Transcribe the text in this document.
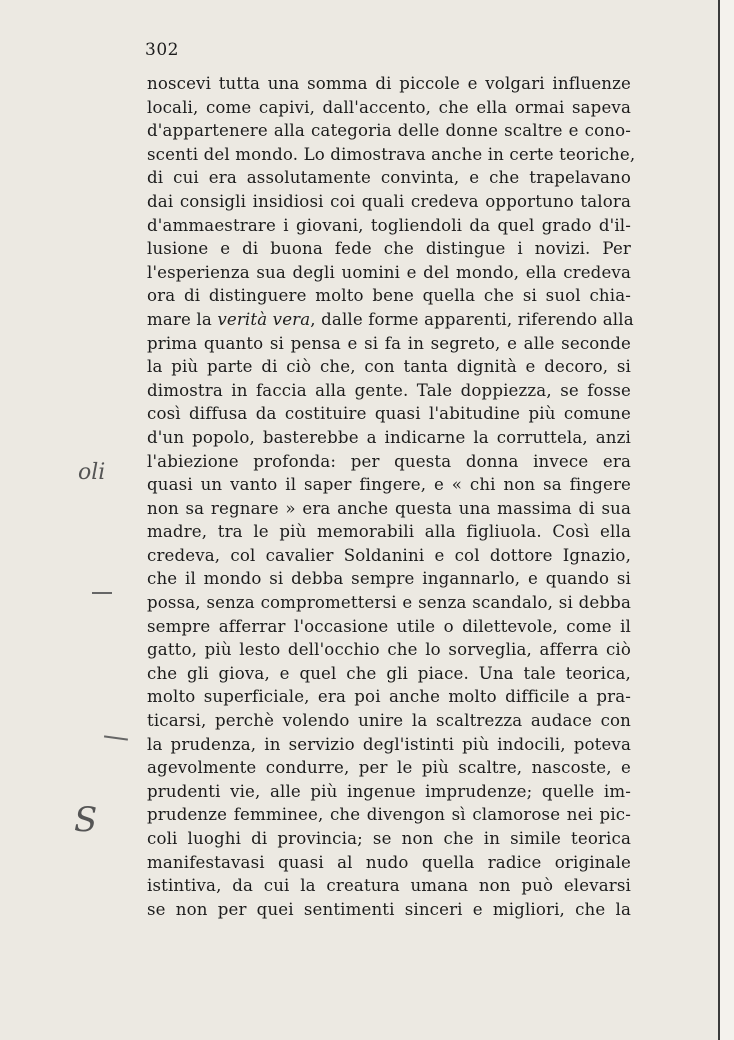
302
noscevi tutta una somma di piccole e volgari influenze
locali, come capivi, dall'accento, che ella ormai sapeva
d'appartenere alla categoria delle donne scaltre e cono-
scenti del mondo. Lo dimostrava anche in certe teoriche,
di cui era assolutamente convinta, e che trapelavano
dai consigli insidiosi coi quali credeva opportuno talora
d'ammaestrare i giovani, togliendoli da quel grado d'il-
lusione e di buona fede che distingue i novizi. Per
l'esperienza sua degli uomini e del mondo, ella credeva
ora di distinguere molto bene quella che si suol chia-
mare la verità vera, dalle forme apparenti, riferendo alla
prima quanto si pensa e si fa in segreto, e alle seconde
la più parte di ciò che, con tanta dignità e decoro, si
dimostra in faccia alla gente. Tale doppiezza, se fosse
così diffusa da costituire quasi l'abitudine più comune
d'un popolo, basterebbe a indicarne la corruttela, anzi
l'abiezione profonda: per questa donna invece era
quasi un vanto il saper fingere, e « chi non sa fingere
non sa regnare » era anche questa una massima di sua
madre, tra le più memorabili alla figliuola. Così ella
credeva, col cavalier Soldanini e col dottore Ignazio,
che il mondo si debba sempre ingannarlo, e quando si
possa, senza compromettersi e senza scandalo, si debba
sempre afferrar l'occasione utile o dilettevole, come il
gatto, più lesto dell'occhio che lo sorveglia, afferra ciò
che gli giova, e quel che gli piace. Una tale teorica,
molto superficiale, era poi anche molto difficile a pra-
ticarsi, perchè volendo unire la scaltrezza audace con
la prudenza, in servizio degl'istinti più indocili, poteva
agevolmente condurre, per le più scaltre, nascoste, e
prudenti vie, alle più ingenue imprudenze; quelle im-
prudenze femminee, che divengon sì clamorose nei pic-
coli luoghi di provincia; se non che in simile teorica
manifestavasi quasi al nudo quella radice originale
istintiva, da cui la creatura umana non può elevarsi
se non per quei sentimenti sinceri e migliori, che la
oli
S
